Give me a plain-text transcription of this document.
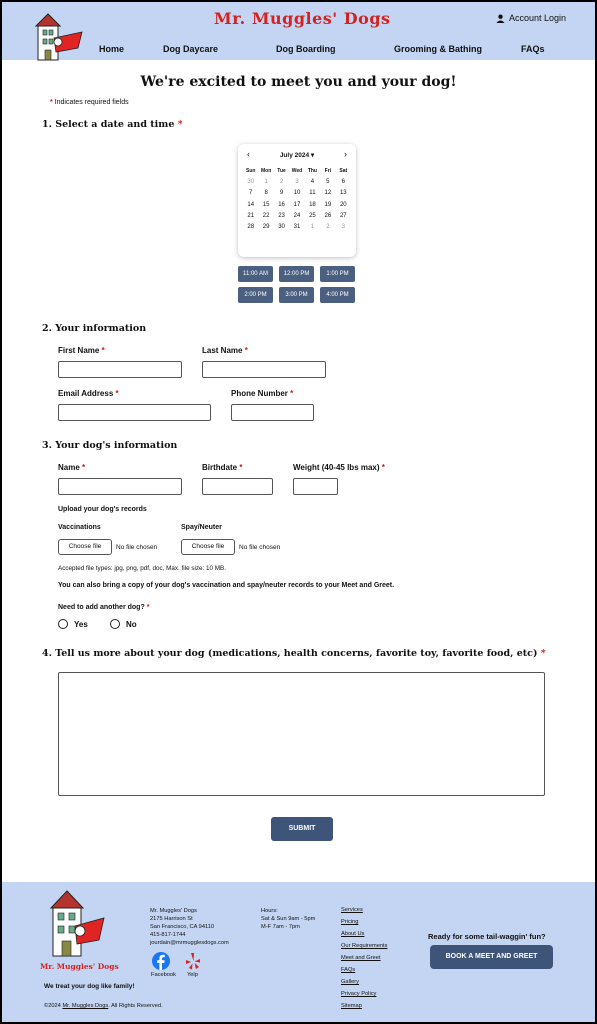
Mr. Muggles' Dogs	Account Login
Home	Dog Daycare	Dog Boarding	Grooming & Bathing	FAQs
We're excited to meet you and your dog!
* Indicates required fields
1. Select a date and time *
‹	July 2024 ▾	›
Sun	Mon	Tue	Wed	Thu	Fri	Sat
30	1	2	3	4	5	6
7	8	9	10	11	12	13
14	15	16	17	18	19	20
21	22	23	24	25	26	27
28	29	30	31	1	2	3
11:00 AM	12:00 PM	1:00 PM
2:00 PM	3:00 PM	4:00 PM
2. Your information
First Name *	Last Name *
Email Address *	Phone Number *
3. Your dog's information
Name *	Birthdate *	Weight (40-45 lbs max) *
Upload your dog's records
Vaccinations	Spay/Neuter
Choose file	No file chosen	Choose file	No file chosen
Accepted file types: jpg, png, pdf, doc, Max. file size: 10 MB.
You can also bring a copy of your dog's vaccination and spay/neuter records to your Meet and Greet.
Need to add another dog? *
Yes	No
4. Tell us more about your dog (medications, health concerns, favorite toy, favorite food, etc) *
SUBMIT
Mr. Muggles' Dogs
We treat your dog like family!
©2024 Mr. Muggles Dogs. All Rights Reserved.
Mr. Muggles' Dogs
2175 Harrison St
San Francisco, CA 94110
415-817-1744
jourdain@mrmugglesdogs.com
Facebook Yelp
Hours:
Sat & Sun 9am - 5pm
M-F 7am - 7pm
Services
Pricing
About Us
Our Requirements
Meet and Greet
FAQs
Gallery
Privacy Policy
Sitemap
Ready for some tail-waggin' fun?
BOOK A MEET AND GREET
